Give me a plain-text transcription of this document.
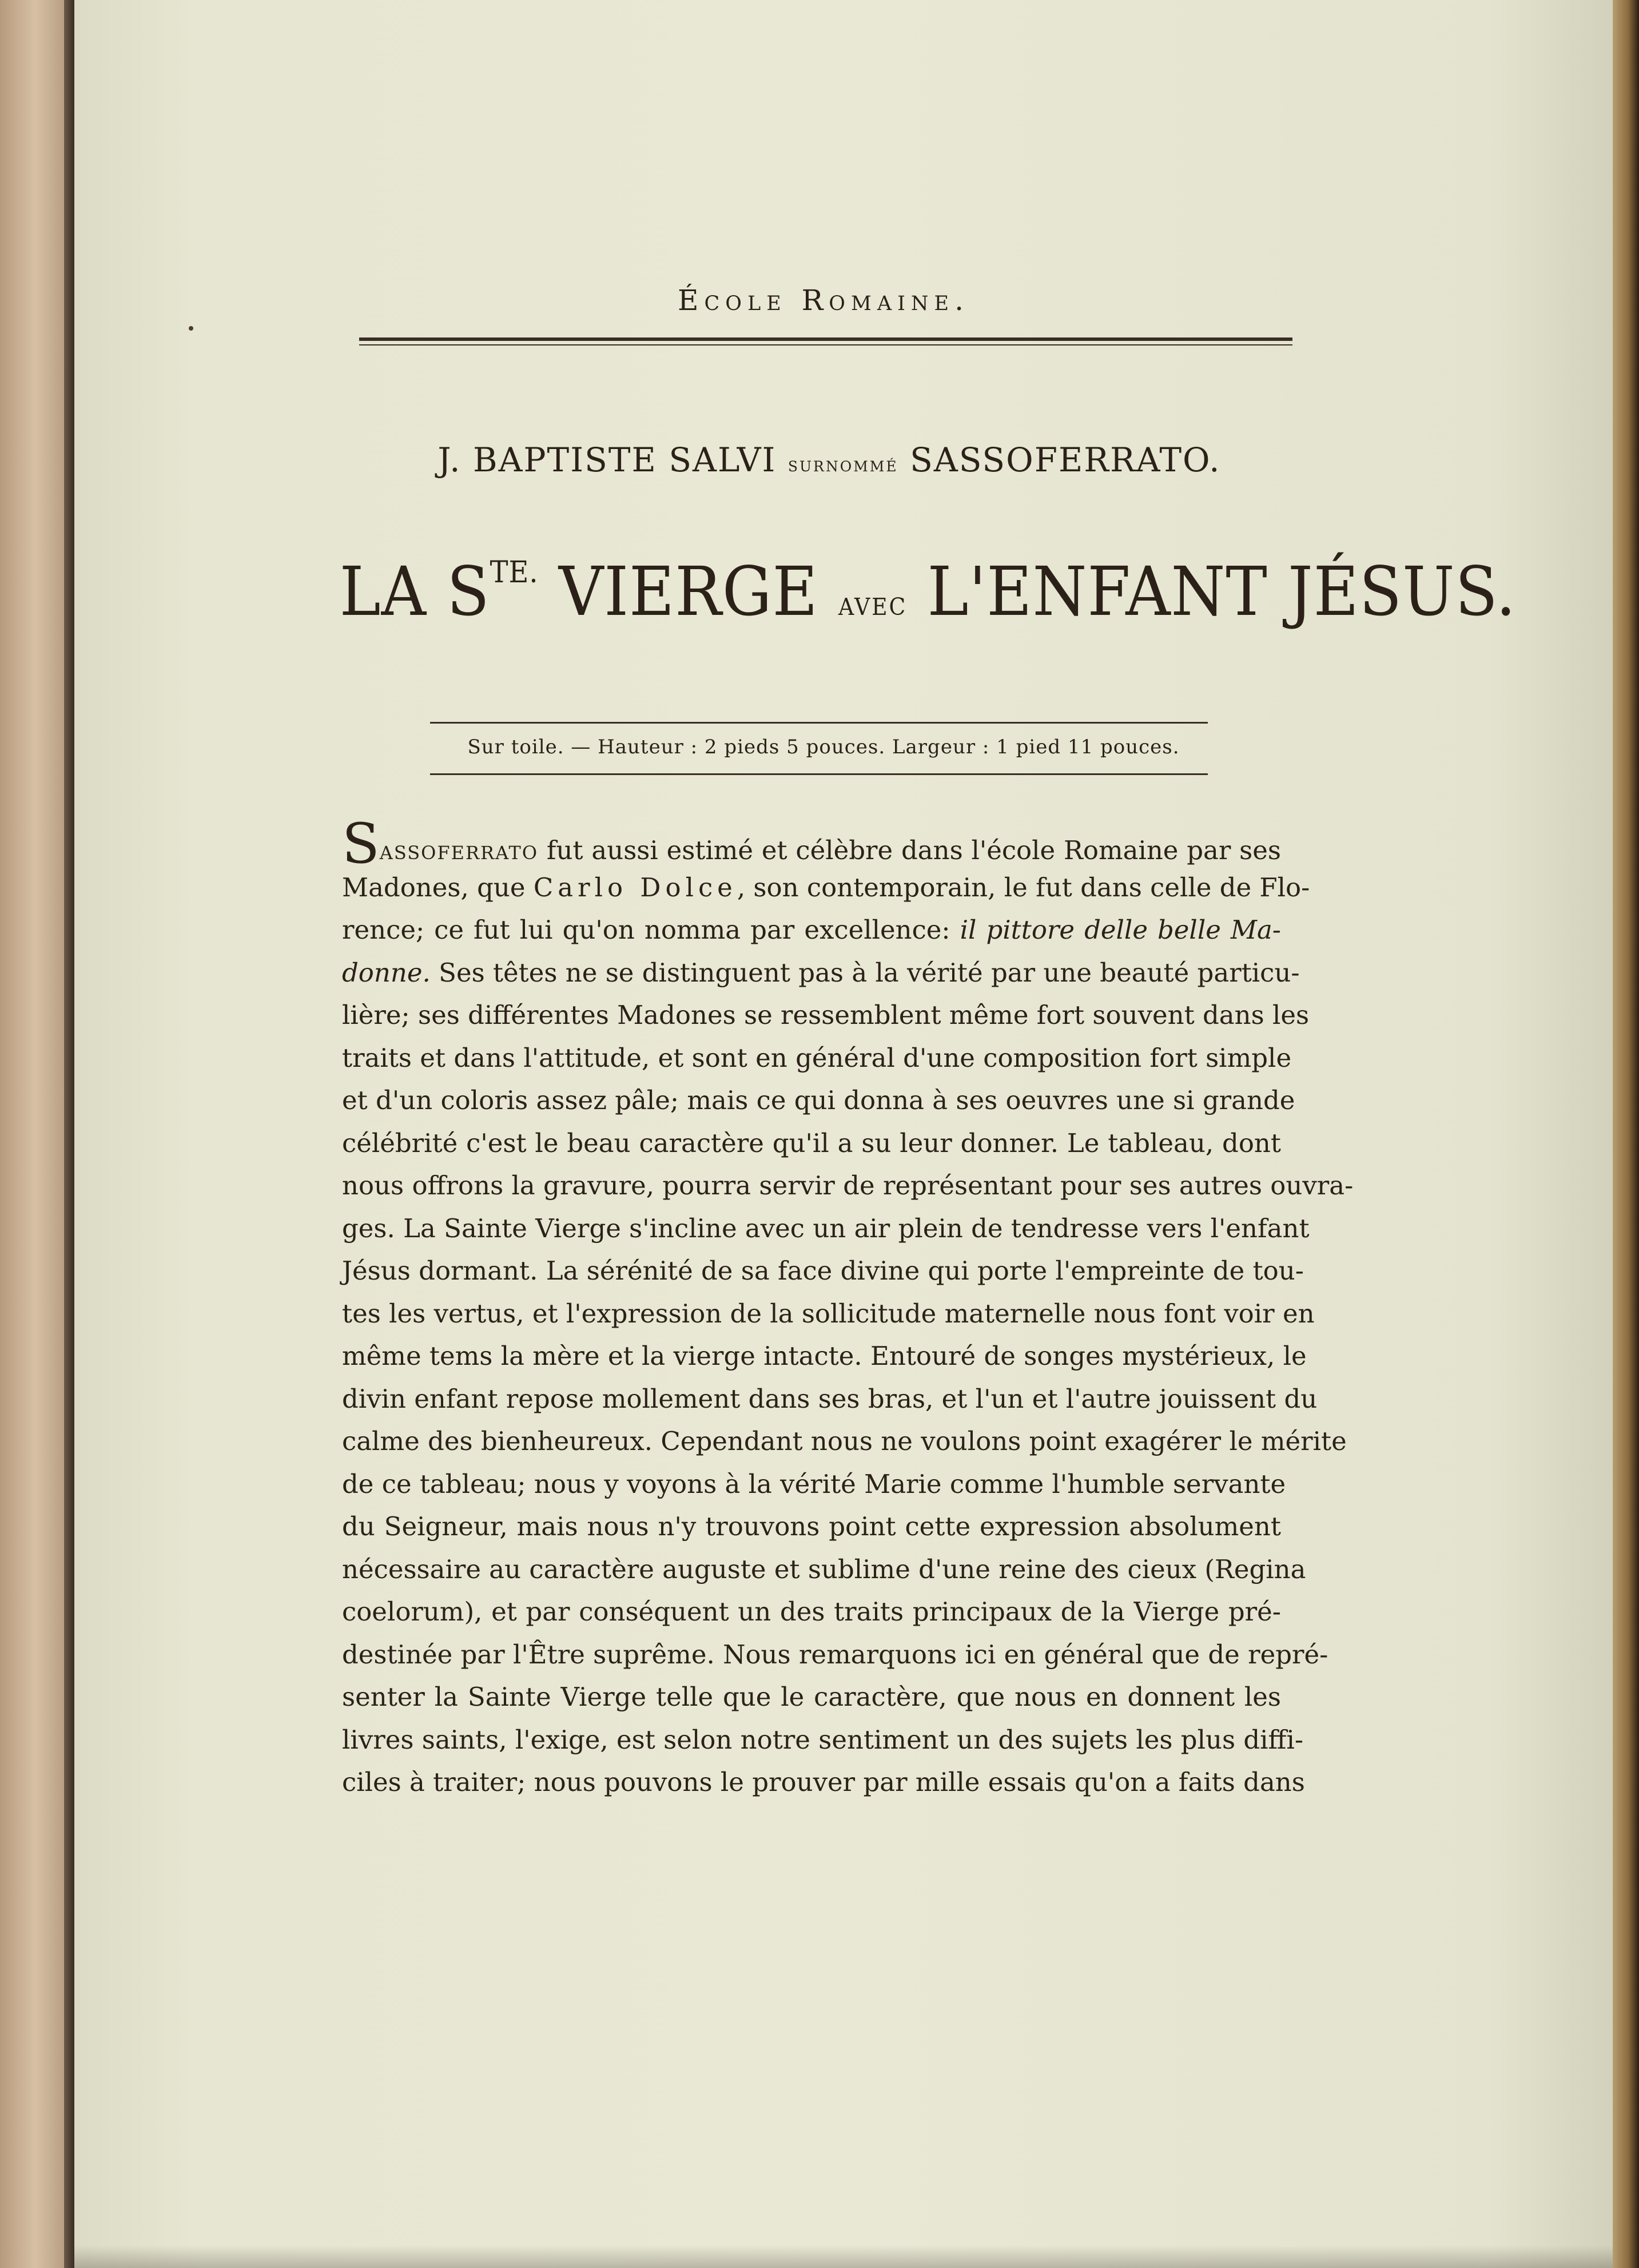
École Romaine.
J. BAPTISTE SALVI surnommé SASSOFERRATO.
LA $S^{TE.}$ VIERGE avec L'ENFANT JÉSUS.
Sur toile. — Hauteur : 2 pieds 5 pouces. Largeur : 1 pied 11 pouces.
Sassoferrato fut aussi estimé et célèbre dans l'école Romaine par ses
Madones, que Carlo Dolce, son contemporain, le fut dans celle de Flo-
rence; ce fut lui qu'on nomma par excellence: il pittore delle belle Ma-
donne. Ses têtes ne se distinguent pas à la vérité par une beauté particu-
lière; ses différentes Madones se ressemblent même fort souvent dans les
traits et dans l'attitude, et sont en général d'une composition fort simple
et d'un coloris assez pâle; mais ce qui donna à ses oeuvres une si grande
célébrité c'est le beau caractère qu'il a su leur donner. Le tableau, dont
nous offrons la gravure, pourra servir de représentant pour ses autres ouvra-
ges. La Sainte Vierge s'incline avec un air plein de tendresse vers l'enfant
Jésus dormant. La sérénité de sa face divine qui porte l'empreinte de tou-
tes les vertus, et l'expression de la sollicitude maternelle nous font voir en
même tems la mère et la vierge intacte. Entouré de songes mystérieux, le
divin enfant repose mollement dans ses bras, et l'un et l'autre jouissent du
calme des bienheureux. Cependant nous ne voulons point exagérer le mérite
de ce tableau; nous y voyons à la vérité Marie comme l'humble servante
du Seigneur, mais nous n'y trouvons point cette expression absolument
nécessaire au caractère auguste et sublime d'une reine des cieux (Regina
coelorum), et par conséquent un des traits principaux de la Vierge pré-
destinée par l'Être suprême. Nous remarquons ici en général que de repré-
senter la Sainte Vierge telle que le caractère, que nous en donnent les
livres saints, l'exige, est selon notre sentiment un des sujets les plus diffi-
ciles à traiter; nous pouvons le prouver par mille essais qu'on a faits dans
